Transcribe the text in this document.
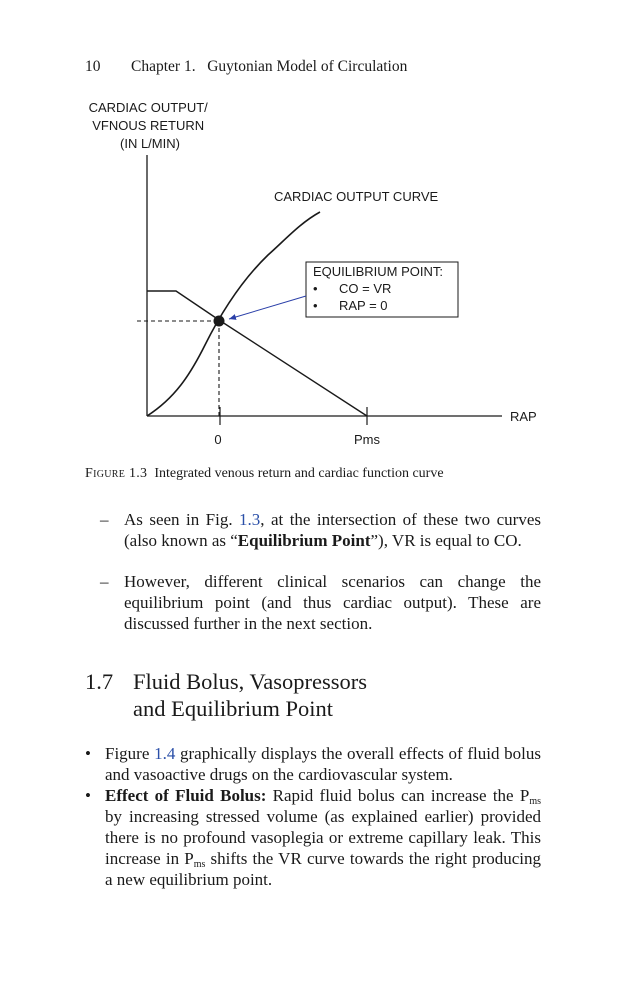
10 Chapter 1.   Guytonian Model of Circulation
CARDIAC OUTPUT/ VFNOUS RETURN (IN L/MIN)
RAP
0	Pms
CARDIAC OUTPUT CURVE
EQUILIBRIUM POINT:
• CO = VR
• RAP = 0
Figure 1.3 Integrated venous return and cardiac function curve
– As seen in Fig. 1.3, at the intersection of these two curves (also known as “Equilibrium Point”), VR is equal to CO.
– However, different clinical scenarios can change the equilibrium point (and thus cardiac output). These are discussed further in the next section.
1.7 Fluid Bolus, Vasopressors
and Equilibrium Point
• Figure 1.4 graphically displays the overall effects of fluid bolus and vasoactive drugs on the cardiovascular system.
• Effect of Fluid Bolus: Rapid fluid bolus can increase the $P_{ms}$ by increasing stressed volume (as explained earlier) provided there is no profound vasoplegia or extreme capillary leak. This increase in $P_{ms}$ shifts the VR curve towards the right producing a new equilibrium point.
